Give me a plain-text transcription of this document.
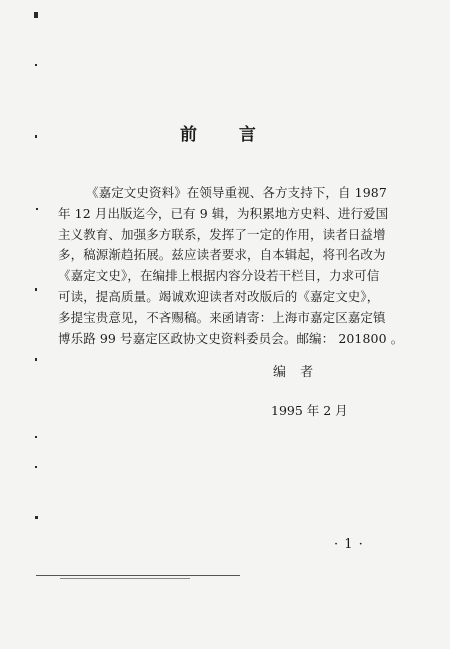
前 言
《嘉定文史资料》在领导重视、各方支持下，自 1987
年 12 月出版迄今，已有 9 辑，为积累地方史料、进行爱国
主义教育、加强多方联系，发挥了一定的作用，读者日益增
多，稿源渐趋拓展。兹应读者要求，自本辑起，将刊名改为
《嘉定文史》，在编排上根据内容分设若干栏目，力求可信
可读，提高质量。竭诚欢迎读者对改版后的《嘉定文史》，
多提宝贵意见，不吝赐稿。来函请寄：上海市嘉定区嘉定镇
博乐路 99 号嘉定区政协文史资料委员会。邮编： 201800 。
编 者
1995 年 2 月
· 1 ·
